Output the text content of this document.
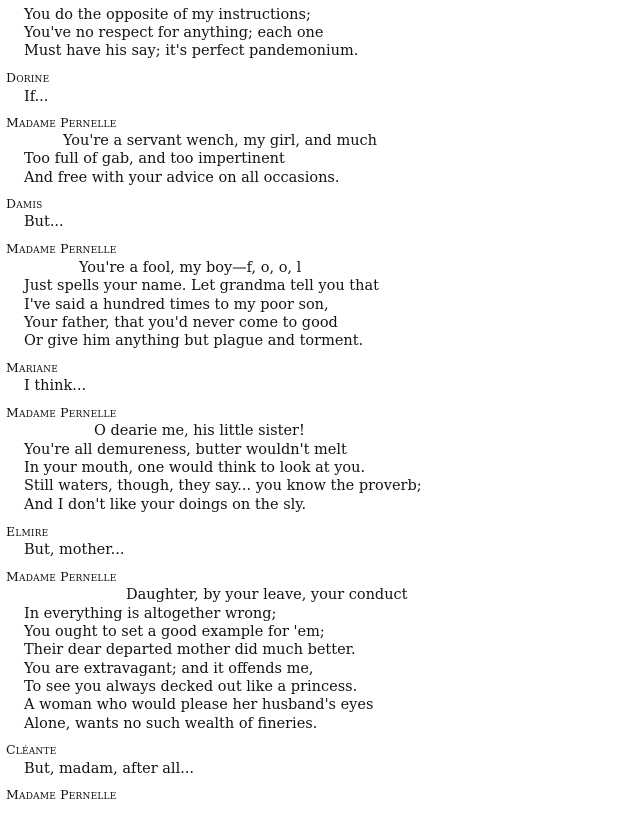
You do the opposite of my instructions;
You've no respect for anything; each one
Must have his say; it's perfect pandemonium.
Dorine
If...
Madame Pernelle
You're a servant wench, my girl, and much
Too full of gab, and too impertinent
And free with your advice on all occasions.
Damis
But...
Madame Pernelle
You're a fool, my boy—f, o, o, l
Just spells your name. Let grandma tell you that
I've said a hundred times to my poor son,
Your father, that you'd never come to good
Or give him anything but plague and torment.
Mariane
I think...
Madame Pernelle
O dearie me, his little sister!
You're all demureness, butter wouldn't melt
In your mouth, one would think to look at you.
Still waters, though, they say... you know the proverb;
And I don't like your doings on the sly.
Elmire
But, mother...
Madame Pernelle
Daughter, by your leave, your conduct
In everything is altogether wrong;
You ought to set a good example for 'em;
Their dear departed mother did much better.
You are extravagant; and it offends me,
To see you always decked out like a princess.
A woman who would please her husband's eyes
Alone, wants no such wealth of fineries.
Cléante
But, madam, after all...
Madame Pernelle
